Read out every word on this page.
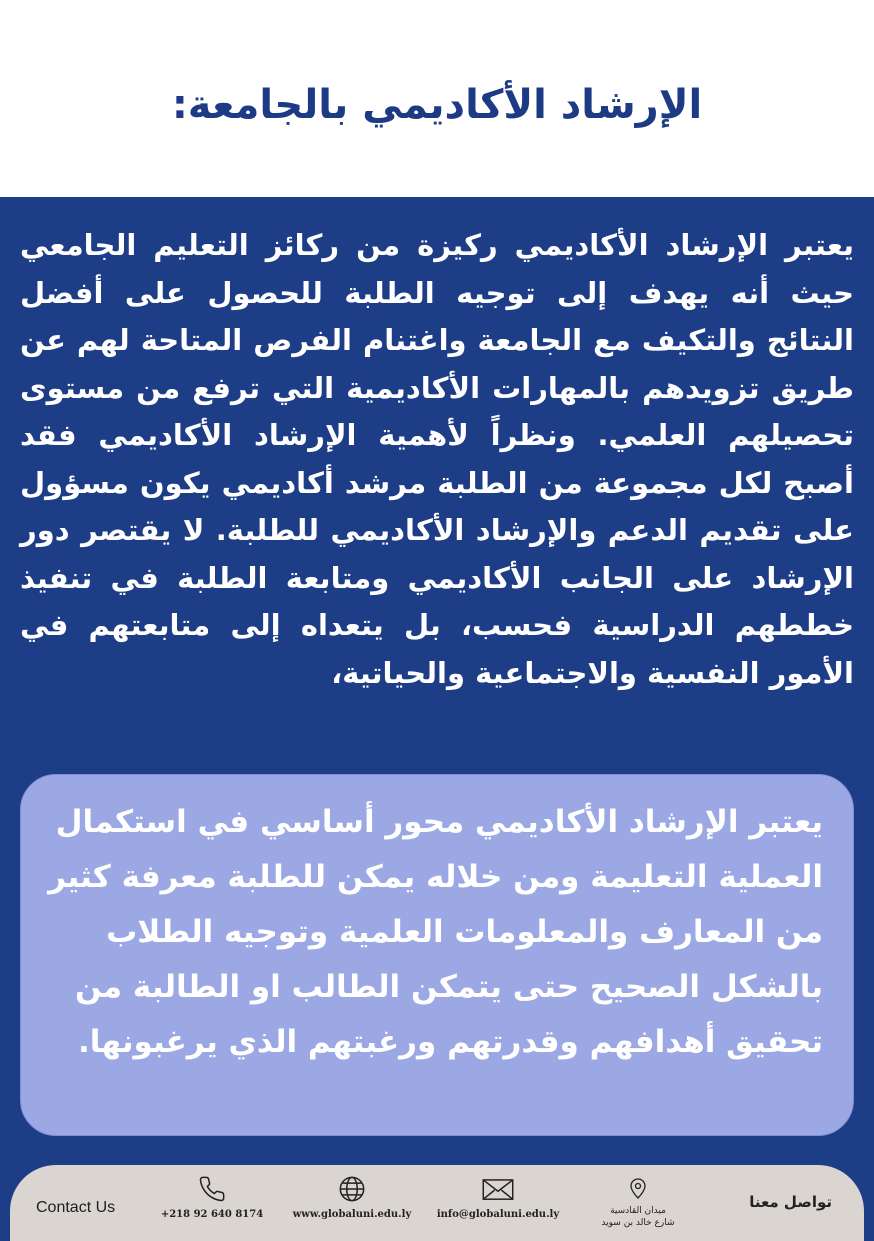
الإرشاد الأكاديمي بالجامعة:

يعتبر الإرشاد الأكاديمي ركيزة من ركائز التعليم الجامعي حيث أنه يهدف إلى توجيه الطلبة للحصول على أفضل النتائج والتكيف مع الجامعة واغتنام الفرص المتاحة لهم عن طريق تزويدهم بالمهارات الأكاديمية التي ترفع من مستوى تحصيلهم العلمي. ونظراً لأهمية الإرشاد الأكاديمي فقد أصبح لكل مجموعة من الطلبة مرشد أكاديمي يكون مسؤول على تقديم الدعم والإرشاد الأكاديمي للطلبة. لا يقتصر دور الإرشاد على الجانب الأكاديمي ومتابعة الطلبة في تنفيذ خططهم الدراسية فحسب، بل يتعداه إلى متابعتهم في الأمور النفسية والاجتماعية والحياتية،

يعتبر الإرشاد الأكاديمي محور أساسي في استكمال العملية التعليمة ومن خلاله يمكن للطلبة معرفة كثير من المعارف والمعلومات العلمية وتوجيه الطلاب بالشكل الصحيح حتى يتمكن الطالب او الطالبة من تحقيق أهدافهم وقدرتهم ورغبتهم الذي يرغبونها.

Contact Us	+218 92 640 8174	www.globaluni.edu.ly	info@globaluni.edu.ly	ميدان القادسية
شارع خالد بن سويد
تواصل معنا
